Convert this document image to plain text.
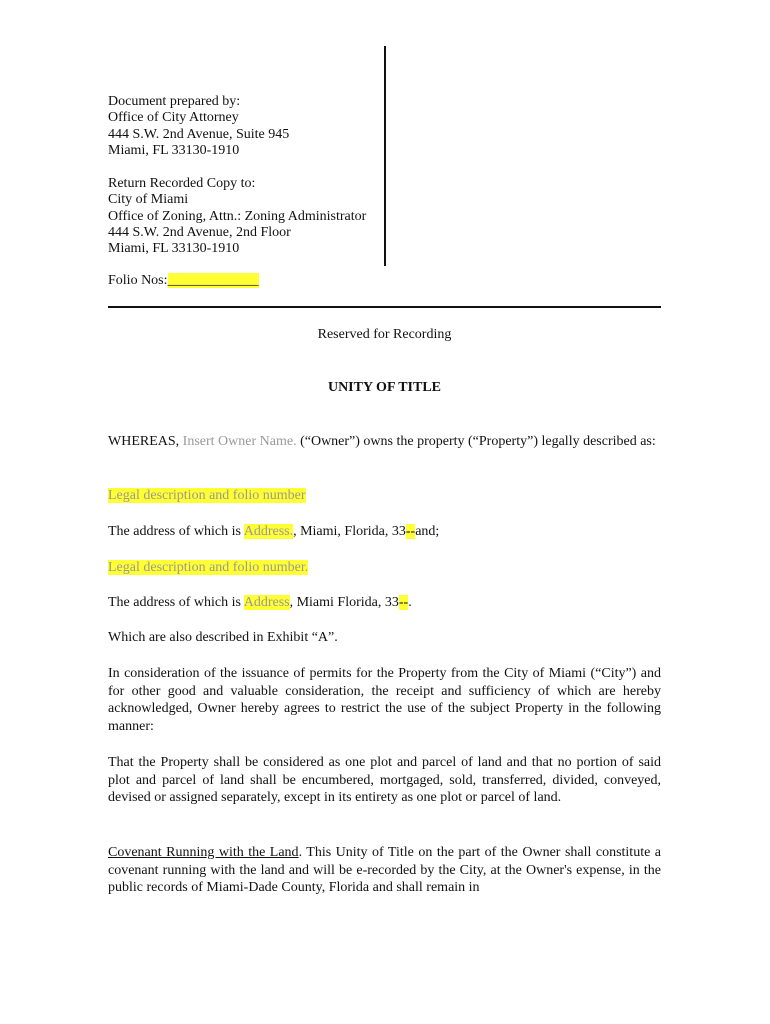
Document prepared by:
Office of City Attorney
444 S.W. 2nd Avenue, Suite 945
Miami, FL 33130-1910
Return Recorded Copy to:
City of Miami
Office of Zoning, Attn.: Zoning Administrator
444 S.W. 2nd Avenue, 2nd Floor
Miami, FL 33130-1910
Folio Nos:_____________
Reserved for Recording
UNITY OF TITLE
WHEREAS, Insert Owner Name. (“Owner”) owns the property (“Property”) legally described as:
Legal description and folio number
The address of which is Address., Miami, Florida, 33--and;
Legal description and folio number.
The address of which is Address, Miami Florida, 33--.
Which are also described in Exhibit “A”.
In consideration of the issuance of permits for the Property from the City of Miami (“City”) and for other good and valuable consideration, the receipt and sufficiency of which are hereby acknowledged, Owner hereby agrees to restrict the use of the subject Property in the following manner:
That the Property shall be considered as one plot and parcel of land and that no portion of said plot and parcel of land shall be encumbered, mortgaged, sold, transferred, divided, conveyed, devised or assigned separately, except in its entirety as one plot or parcel of land.
Covenant Running with the Land. This Unity of Title on the part of the Owner shall constitute a covenant running with the land and will be e-recorded by the City, at the Owner's expense, in the public records of Miami-Dade County, Florida and shall remain in
